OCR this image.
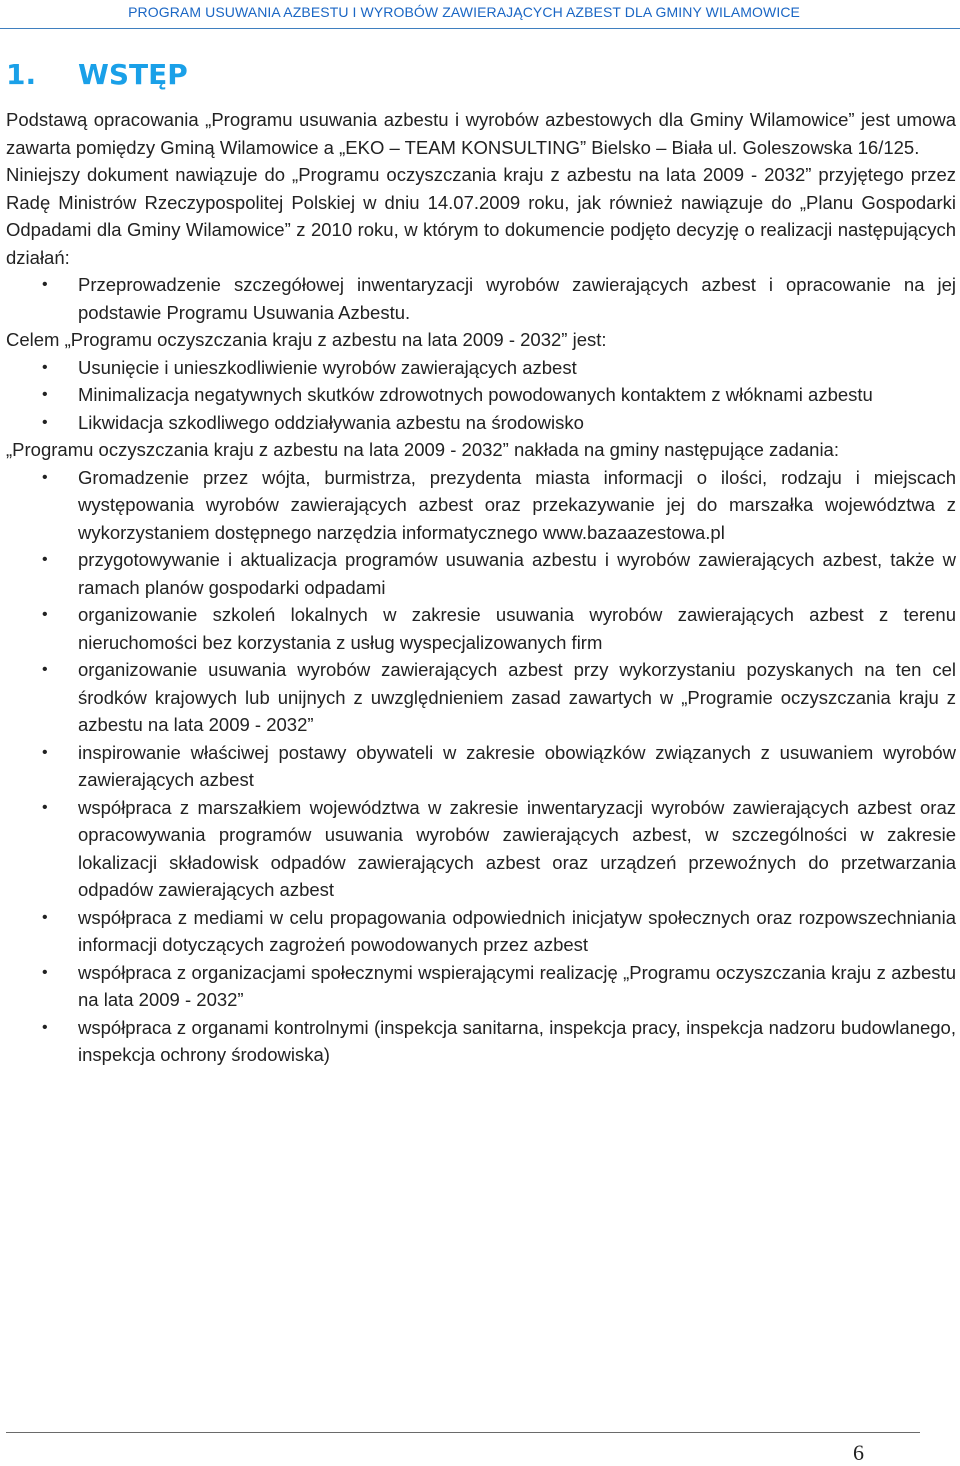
PROGRAM USUWANIA AZBESTU I WYROBÓW ZAWIERAJĄCYCH AZBEST DLA GMINY WILAMOWICE
1. WSTĘP

Podstawą opracowania „Programu usuwania azbestu i wyrobów azbestowych dla Gminy Wilamowice” jest umowa zawarta pomiędzy Gminą Wilamowice a „EKO – TEAM KONSULTING” Bielsko – Biała ul. Goleszowska 16/125.

Niniejszy dokument nawiązuje do „Programu oczyszczania kraju z azbestu na lata 2009 - 2032” przyjętego przez Radę Ministrów Rzeczypospolitej Polskiej w dniu 14.07.2009 roku, jak również nawiązuje do „Planu Gospodarki Odpadami dla Gminy Wilamowice” z 2010 roku, w którym to dokumencie podjęto decyzję o realizacji następujących działań:

• Przeprowadzenie szczegółowej inwentaryzacji wyrobów zawierających azbest i opracowanie na jej podstawie Programu Usuwania Azbestu.

Celem „Programu oczyszczania kraju z azbestu na lata 2009 - 2032” jest:

• Usunięcie i unieszkodliwienie wyrobów zawierających azbest
• Minimalizacja negatywnych skutków zdrowotnych powodowanych kontaktem z włóknami azbestu
• Likwidacja szkodliwego oddziaływania azbestu na środowisko

„Programu oczyszczania kraju z azbestu na lata 2009 - 2032” nakłada na gminy następujące zadania:

• Gromadzenie przez wójta, burmistrza, prezydenta miasta informacji o ilości, rodzaju i miejscach występowania wyrobów zawierających azbest oraz przekazywanie jej do marszałka województwa z wykorzystaniem dostępnego narzędzia informatycznego www.bazaazestowa.pl
• przygotowywanie i aktualizacja programów usuwania azbestu i wyrobów zawierających azbest, także w ramach planów gospodarki odpadami
• organizowanie szkoleń lokalnych w zakresie usuwania wyrobów zawierających azbest z terenu nieruchomości bez korzystania z usług wyspecjalizowanych firm
• organizowanie usuwania wyrobów zawierających azbest przy wykorzystaniu pozyskanych na ten cel środków krajowych lub unijnych z uwzględnieniem zasad zawartych w „Programie oczyszczania kraju z azbestu na lata 2009 - 2032”
• inspirowanie właściwej postawy obywateli w zakresie obowiązków związanych z usuwaniem wyrobów zawierających azbest
• współpraca z marszałkiem województwa w zakresie inwentaryzacji wyrobów zawierających azbest oraz opracowywania programów usuwania wyrobów zawierających azbest, w szczególności w zakresie lokalizacji składowisk odpadów zawierających azbest oraz urządzeń przewoźnych do przetwarzania odpadów zawierających azbest
• współpraca z mediami w celu propagowania odpowiednich inicjatyw społecznych oraz rozpowszechniania informacji dotyczących zagrożeń powodowanych przez azbest
• współpraca z organizacjami społecznymi wspierającymi realizację „Programu oczyszczania kraju z azbestu na lata 2009 - 2032”
• współpraca z organami kontrolnymi (inspekcja sanitarna, inspekcja pracy, inspekcja nadzoru budowlanego, inspekcja ochrony środowiska)
6
